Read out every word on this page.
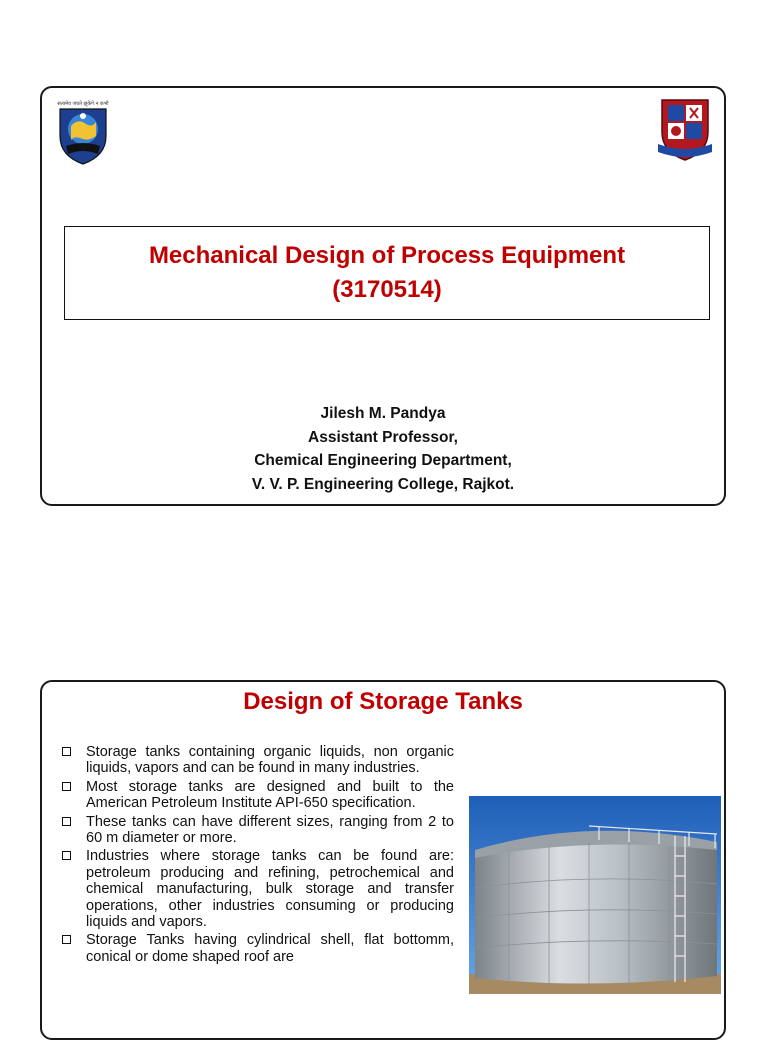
सत्यमेव जयते झुकेंगे न कभी
Mechanical Design of Process Equipment
(3170514)
Jilesh M. Pandya
Assistant Professor,
Chemical Engineering Department,
V. V. P. Engineering College, Rajkot.
Design of Storage Tanks
Storage tanks containing organic liquids, non organic liquids, vapors and can be found in many industries.
Most storage tanks are designed and built to the American Petroleum Institute API-650 specification.
These tanks can have different sizes, ranging from 2 to 60 m diameter or more.
Industries where storage tanks can be found are: petroleum producing and refining, petrochemical and chemical manufacturing, bulk storage and transfer operations, other industries consuming or producing liquids and vapors.
Storage Tanks having cylindrical shell, flat bottomm, conical or dome shaped roof are
